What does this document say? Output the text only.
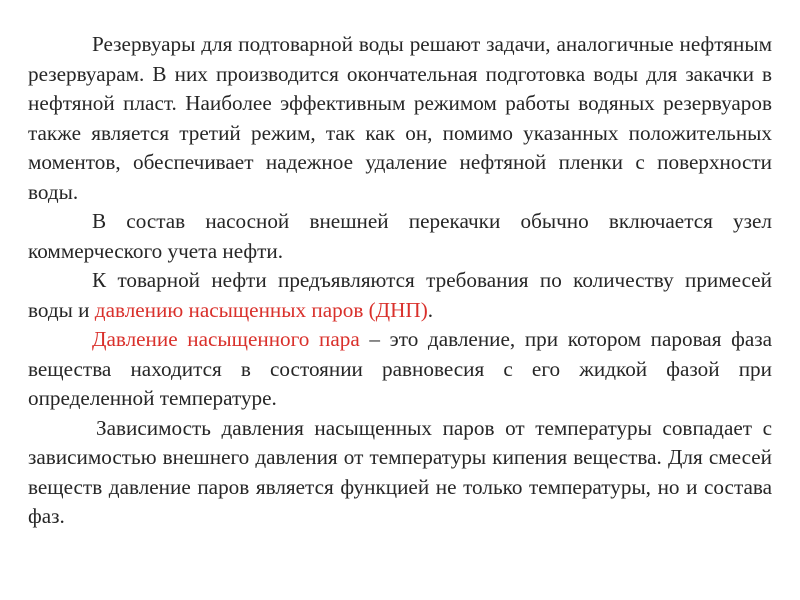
Резервуары для подтоварной воды решают задачи, аналогичные нефтяным резервуарам. В них производится окончательная подготовка воды для закачки в нефтяной пласт. Наиболее эффективным режимом работы водяных резервуаров также является третий режим, так как он, помимо указанных положительных моментов, обеспечивает надежное удаление нефтяной пленки с поверхности воды.

В состав насосной внешней перекачки обычно включается узел коммерческого учета нефти.

К товарной нефти предъявляются требования по количеству примесей воды и давлению насыщенных паров (ДНП).

Давление насыщенного пара – это давление, при котором паровая фаза вещества находится в состоянии равновесия с его жидкой фазой при определенной температуре.

Зависимость давления насыщенных паров от температуры совпадает с зависимостью внешнего давления от температуры кипения вещества. Для смесей веществ давление паров является функцией не только температуры, но и состава фаз.
